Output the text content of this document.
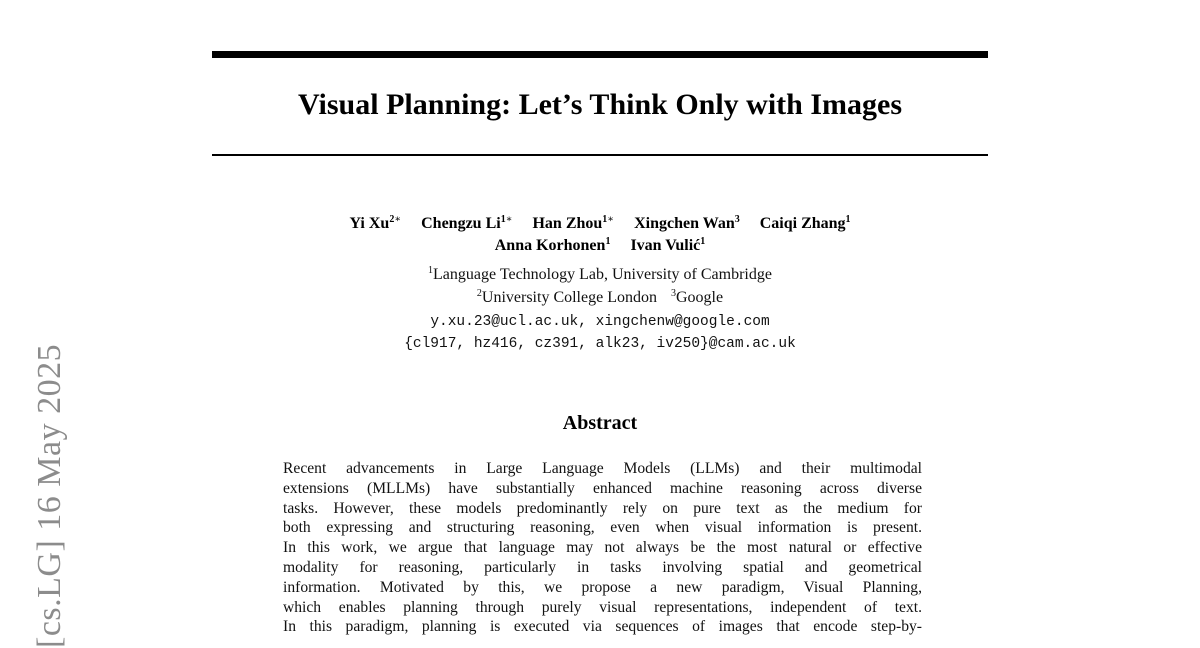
[cs.LG] 16 May 2025
Visual Planning: Let’s Think Only with Images
Yi $Xu^{2∗}$ Chengzu $Li^{1∗}$ Han Zhou$^{1∗}$ Xingchen Wan$^3$ Caiqi Zhang$^1$
Anna Korhonen$^1$ Ivan Vulić$^1$
$^1$Language Technology Lab, University of Cambridge
$^2$University College London $^3$Google
y.xu.23@ucl.ac.uk, xingchenw@google.com
{cl917, hz416, cz391, alk23, iv250}@cam.ac.uk
Abstract
Recent advancements in Large Language Models (LLMs) and their multimodal
extensions (MLLMs) have substantially enhanced machine reasoning across diverse
tasks. However, these models predominantly rely on pure text as the medium for
both expressing and structuring reasoning, even when visual information is present.
In this work, we argue that language may not always be the most natural or effective
modality for reasoning, particularly in tasks involving spatial and geometrical
information. Motivated by this, we propose a new paradigm, Visual Planning,
which enables planning through purely visual representations, independent of text.
In this paradigm, planning is executed via sequences of images that encode step-by-
